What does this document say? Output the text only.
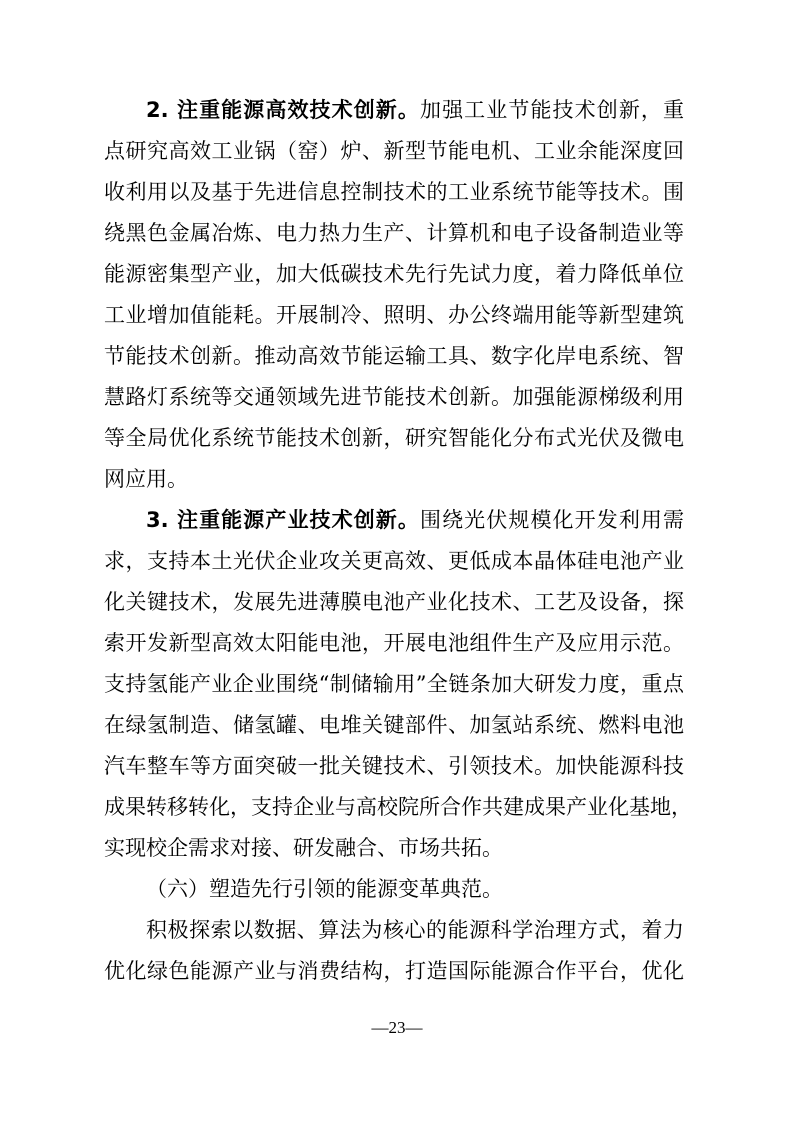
2. 注重能源高效技术创新。加强工业节能技术创新，重
点研究高效工业锅（窑）炉、新型节能电机、工业余能深度回
收利用以及基于先进信息控制技术的工业系统节能等技术。围
绕黑色金属冶炼、电力热力生产、计算机和电子设备制造业等
能源密集型产业，加大低碳技术先行先试力度，着力降低单位
工业增加值能耗。开展制冷、照明、办公终端用能等新型建筑
节能技术创新。推动高效节能运输工具、数字化岸电系统、智
慧路灯系统等交通领域先进节能技术创新。加强能源梯级利用
等全局优化系统节能技术创新，研究智能化分布式光伏及微电
网应用。
3. 注重能源产业技术创新。围绕光伏规模化开发利用需
求，支持本土光伏企业攻关更高效、更低成本晶体硅电池产业
化关键技术，发展先进薄膜电池产业化技术、工艺及设备，探
索开发新型高效太阳能电池，开展电池组件生产及应用示范。
支持氢能产业企业围绕“制储输用”全链条加大研发力度，重点
在绿氢制造、储氢罐、电堆关键部件、加氢站系统、燃料电池
汽车整车等方面突破一批关键技术、引领技术。加快能源科技
成果转移转化，支持企业与高校院所合作共建成果产业化基地，
实现校企需求对接、研发融合、市场共拓。
（六）塑造先行引领的能源变革典范。
积极探索以数据、算法为核心的能源科学治理方式，着力
优化绿色能源产业与消费结构，打造国际能源合作平台，优化
—23—
